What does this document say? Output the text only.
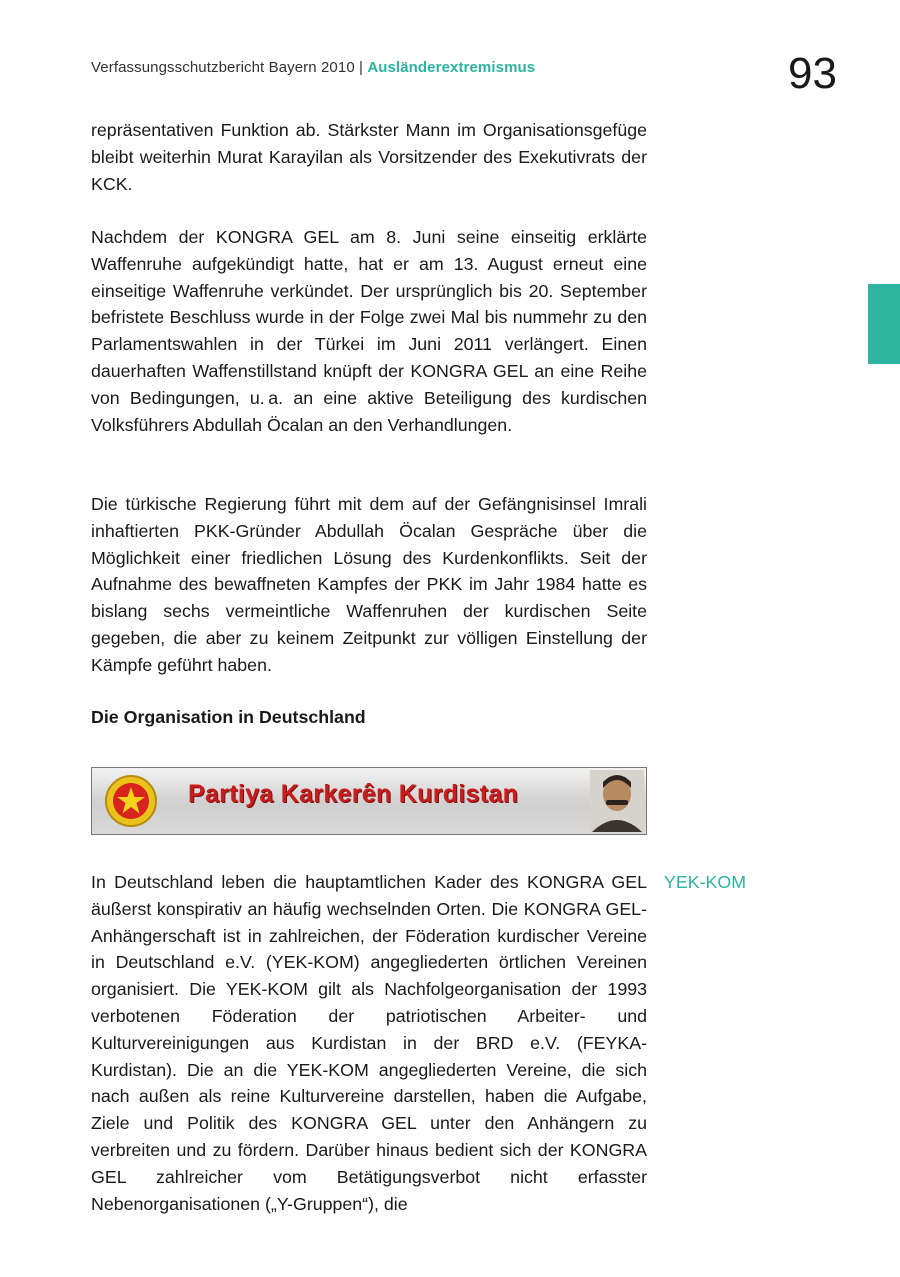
Verfassungsschutzbericht Bayern 2010 | Ausländerextremismus	93

repräsentativen Funktion ab. Stärkster Mann im Organisationsgefüge bleibt weiterhin Murat Karayilan als Vorsitzender des Exekutivrats der KCK.

Nachdem der KONGRA GEL am 8. Juni seine einseitig erklärte Waffenruhe aufgekündigt hatte, hat er am 13. August erneut eine einseitige Waffenruhe verkündet. Der ursprünglich bis 20. September befristete Beschluss wurde in der Folge zwei Mal bis nummehr zu den Parlamentswahlen in der Türkei im Juni 2011 verlängert. Einen dauerhaften Waffenstillstand knüpft der KONGRA GEL an eine Reihe von Bedingungen, u. a. an eine aktive Beteiligung des kurdischen Volksführers Abdullah Öcalan an den Verhandlungen.

Die türkische Regierung führt mit dem auf der Gefängnisinsel Imrali inhaftierten PKK-Gründer Abdullah Öcalan Gespräche über die Möglichkeit einer friedlichen Lösung des Kurdenkonflikts. Seit der Aufnahme des bewaffneten Kampfes der PKK im Jahr 1984 hatte es bislang sechs vermeintliche Waffenruhen der kurdischen Seite gegeben, die aber zu keinem Zeitpunkt zur völligen Einstellung der Kämpfe geführt haben.

Die Organisation in Deutschland
Partiya Karkerên Kurdistan

In Deutschland leben die hauptamtlichen Kader des KONGRA GEL äußerst konspirativ an häufig wechselnden Orten. Die KONGRA GEL-Anhängerschaft ist in zahlreichen, der Föderation kurdischer Vereine in Deutschland e.V. (YEK-KOM) angegliederten örtlichen Vereinen organisiert. Die YEK-KOM gilt als Nachfolgeorganisation der 1993 verbotenen Föderation der patriotischen Arbeiter- und Kulturvereinigungen aus Kurdistan in der BRD e.V. (FEYKA-Kurdistan). Die an die YEK-KOM angegliederten Vereine, die sich nach außen als reine Kulturvereine darstellen, haben die Aufgabe, Ziele und Politik des KONGRA GEL unter den Anhängern zu verbreiten und zu fördern. Darüber hinaus bedient sich der KONGRA GEL zahlreicher vom Betätigungsverbot nicht erfasster Nebenorganisationen („Y-Gruppen“), die

YEK-KOM
